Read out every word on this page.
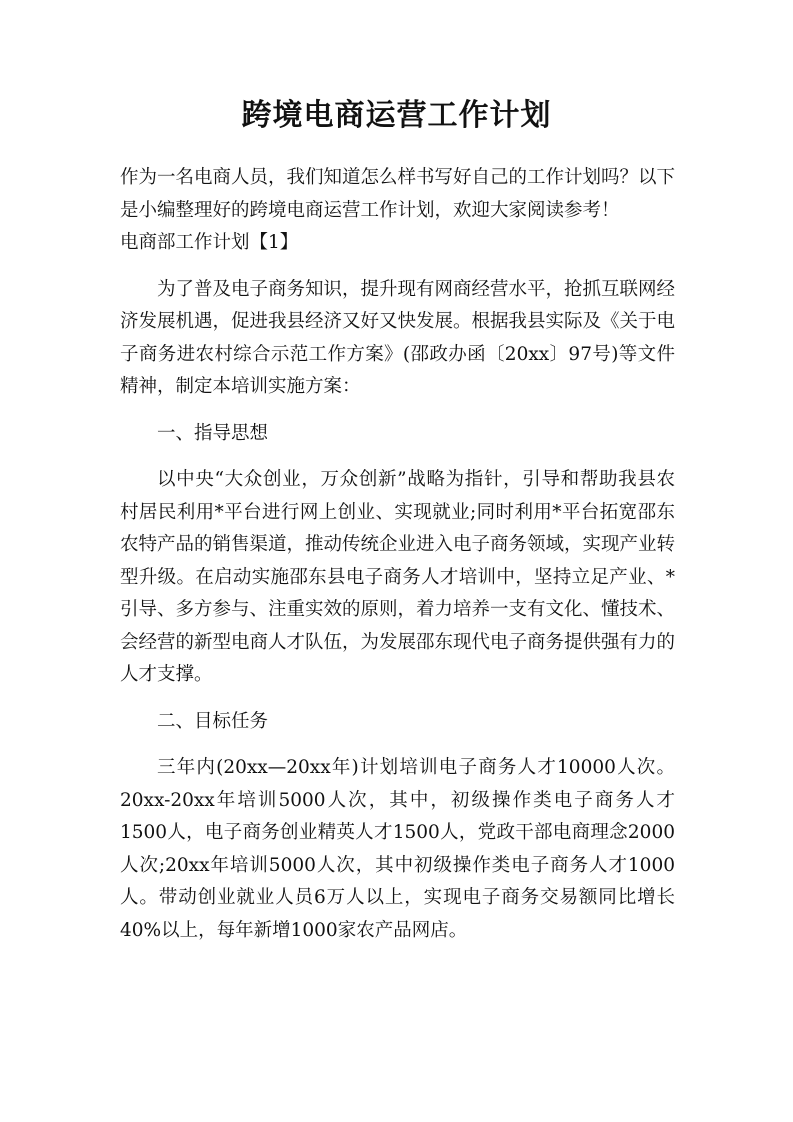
跨境电商运营工作计划

作为一名电商人员，我们知道怎么样书写好自己的工作计划吗？以下是小编整理好的跨境电商运营工作计划，欢迎大家阅读参考！

电商部工作计划【1】

为了普及电子商务知识，提升现有网商经营水平，抢抓互联网经济发展机遇，促进我县经济又好又快发展。根据我县实际及《关于电子商务进农村综合示范工作方案》(邵政办函〔20xx〕97号)等文件精神，制定本培训实施方案：

一、指导思想

以中央“大众创业，万众创新”战略为指针，引导和帮助我县农村居民利用*平台进行网上创业、实现就业;同时利用*平台拓宽邵东农特产品的销售渠道，推动传统企业进入电子商务领域，实现产业转型升级。在启动实施邵东县电子商务人才培训中，坚持立足产业、*引导、多方参与、注重实效的原则，着力培养一支有文化、懂技术、会经营的新型电商人才队伍，为发展邵东现代电子商务提供强有力的人才支撑。

二、目标任务

三年内(20xx—20xx年)计划培训电子商务人才10000人次。20xx-20xx年培训5000人次，其中，初级操作类电子商务人才1500人，电子商务创业精英人才1500人，党政干部电商理念2000人次;20xx年培训5000人次，其中初级操作类电子商务人才1000人。带动创业就业人员6万人以上，实现电子商务交易额同比增长40%以上，每年新增1000家农产品网店。
